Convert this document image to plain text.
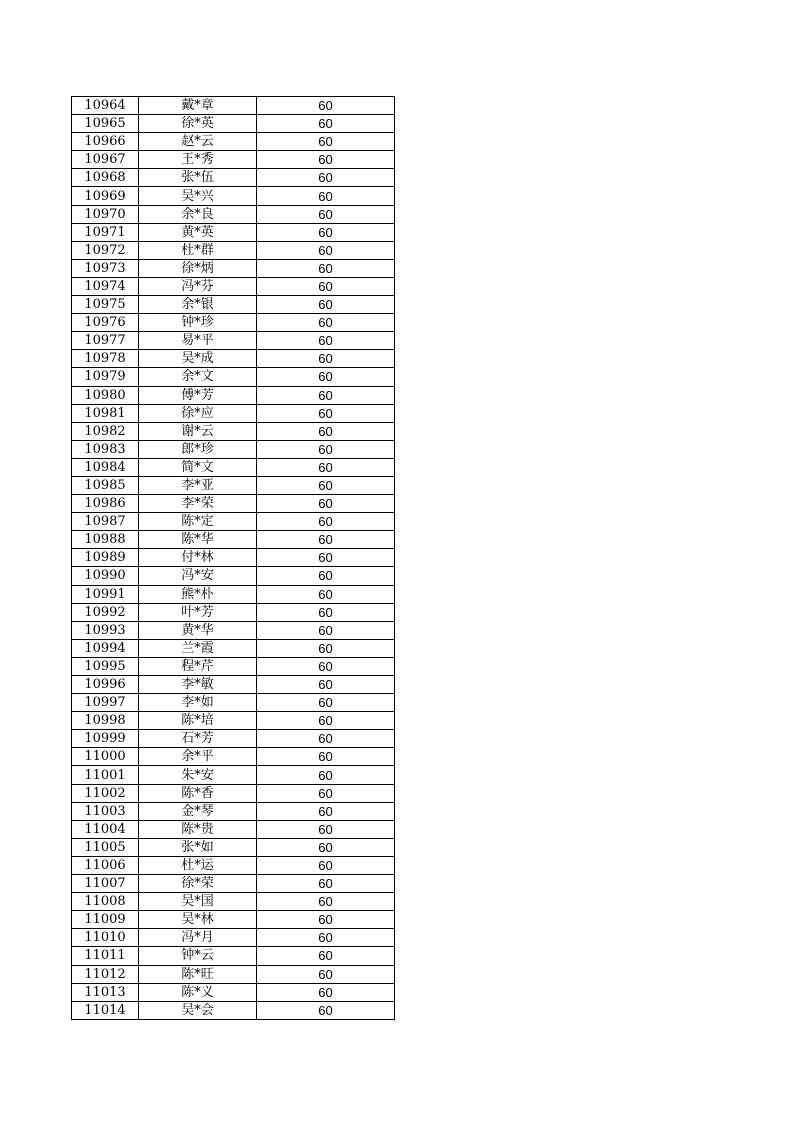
10964	戴*章	60
10965	徐*英	60
10966	赵*云	60
10967	王*秀	60
10968	张*伍	60
10969	吴*兴	60
10970	余*良	60
10971	黄*英	60
10972	杜*群	60
10973	徐*炳	60
10974	冯*芬	60
10975	余*银	60
10976	钟*珍	60
10977	易*平	60
10978	吴*成	60
10979	余*文	60
10980	傅*芳	60
10981	徐*应	60
10982	谢*云	60
10983	郎*珍	60
10984	简*文	60
10985	李*亚	60
10986	李*荣	60
10987	陈*定	60
10988	陈*华	60
10989	付*林	60
10990	冯*安	60
10991	熊*朴	60
10992	叶*芳	60
10993	黄*华	60
10994	兰*霞	60
10995	程*芹	60
10996	李*敏	60
10997	李*如	60
10998	陈*培	60
10999	石*芳	60
11000	余*平	60
11001	朱*安	60
11002	陈*香	60
11003	金*琴	60
11004	陈*贵	60
11005	张*如	60
11006	杜*运	60
11007	徐*荣	60
11008	吴*国	60
11009	吴*林	60
11010	冯*月	60
11011	钟*云	60
11012	陈*旺	60
11013	陈*义	60
11014	吴*会	60
